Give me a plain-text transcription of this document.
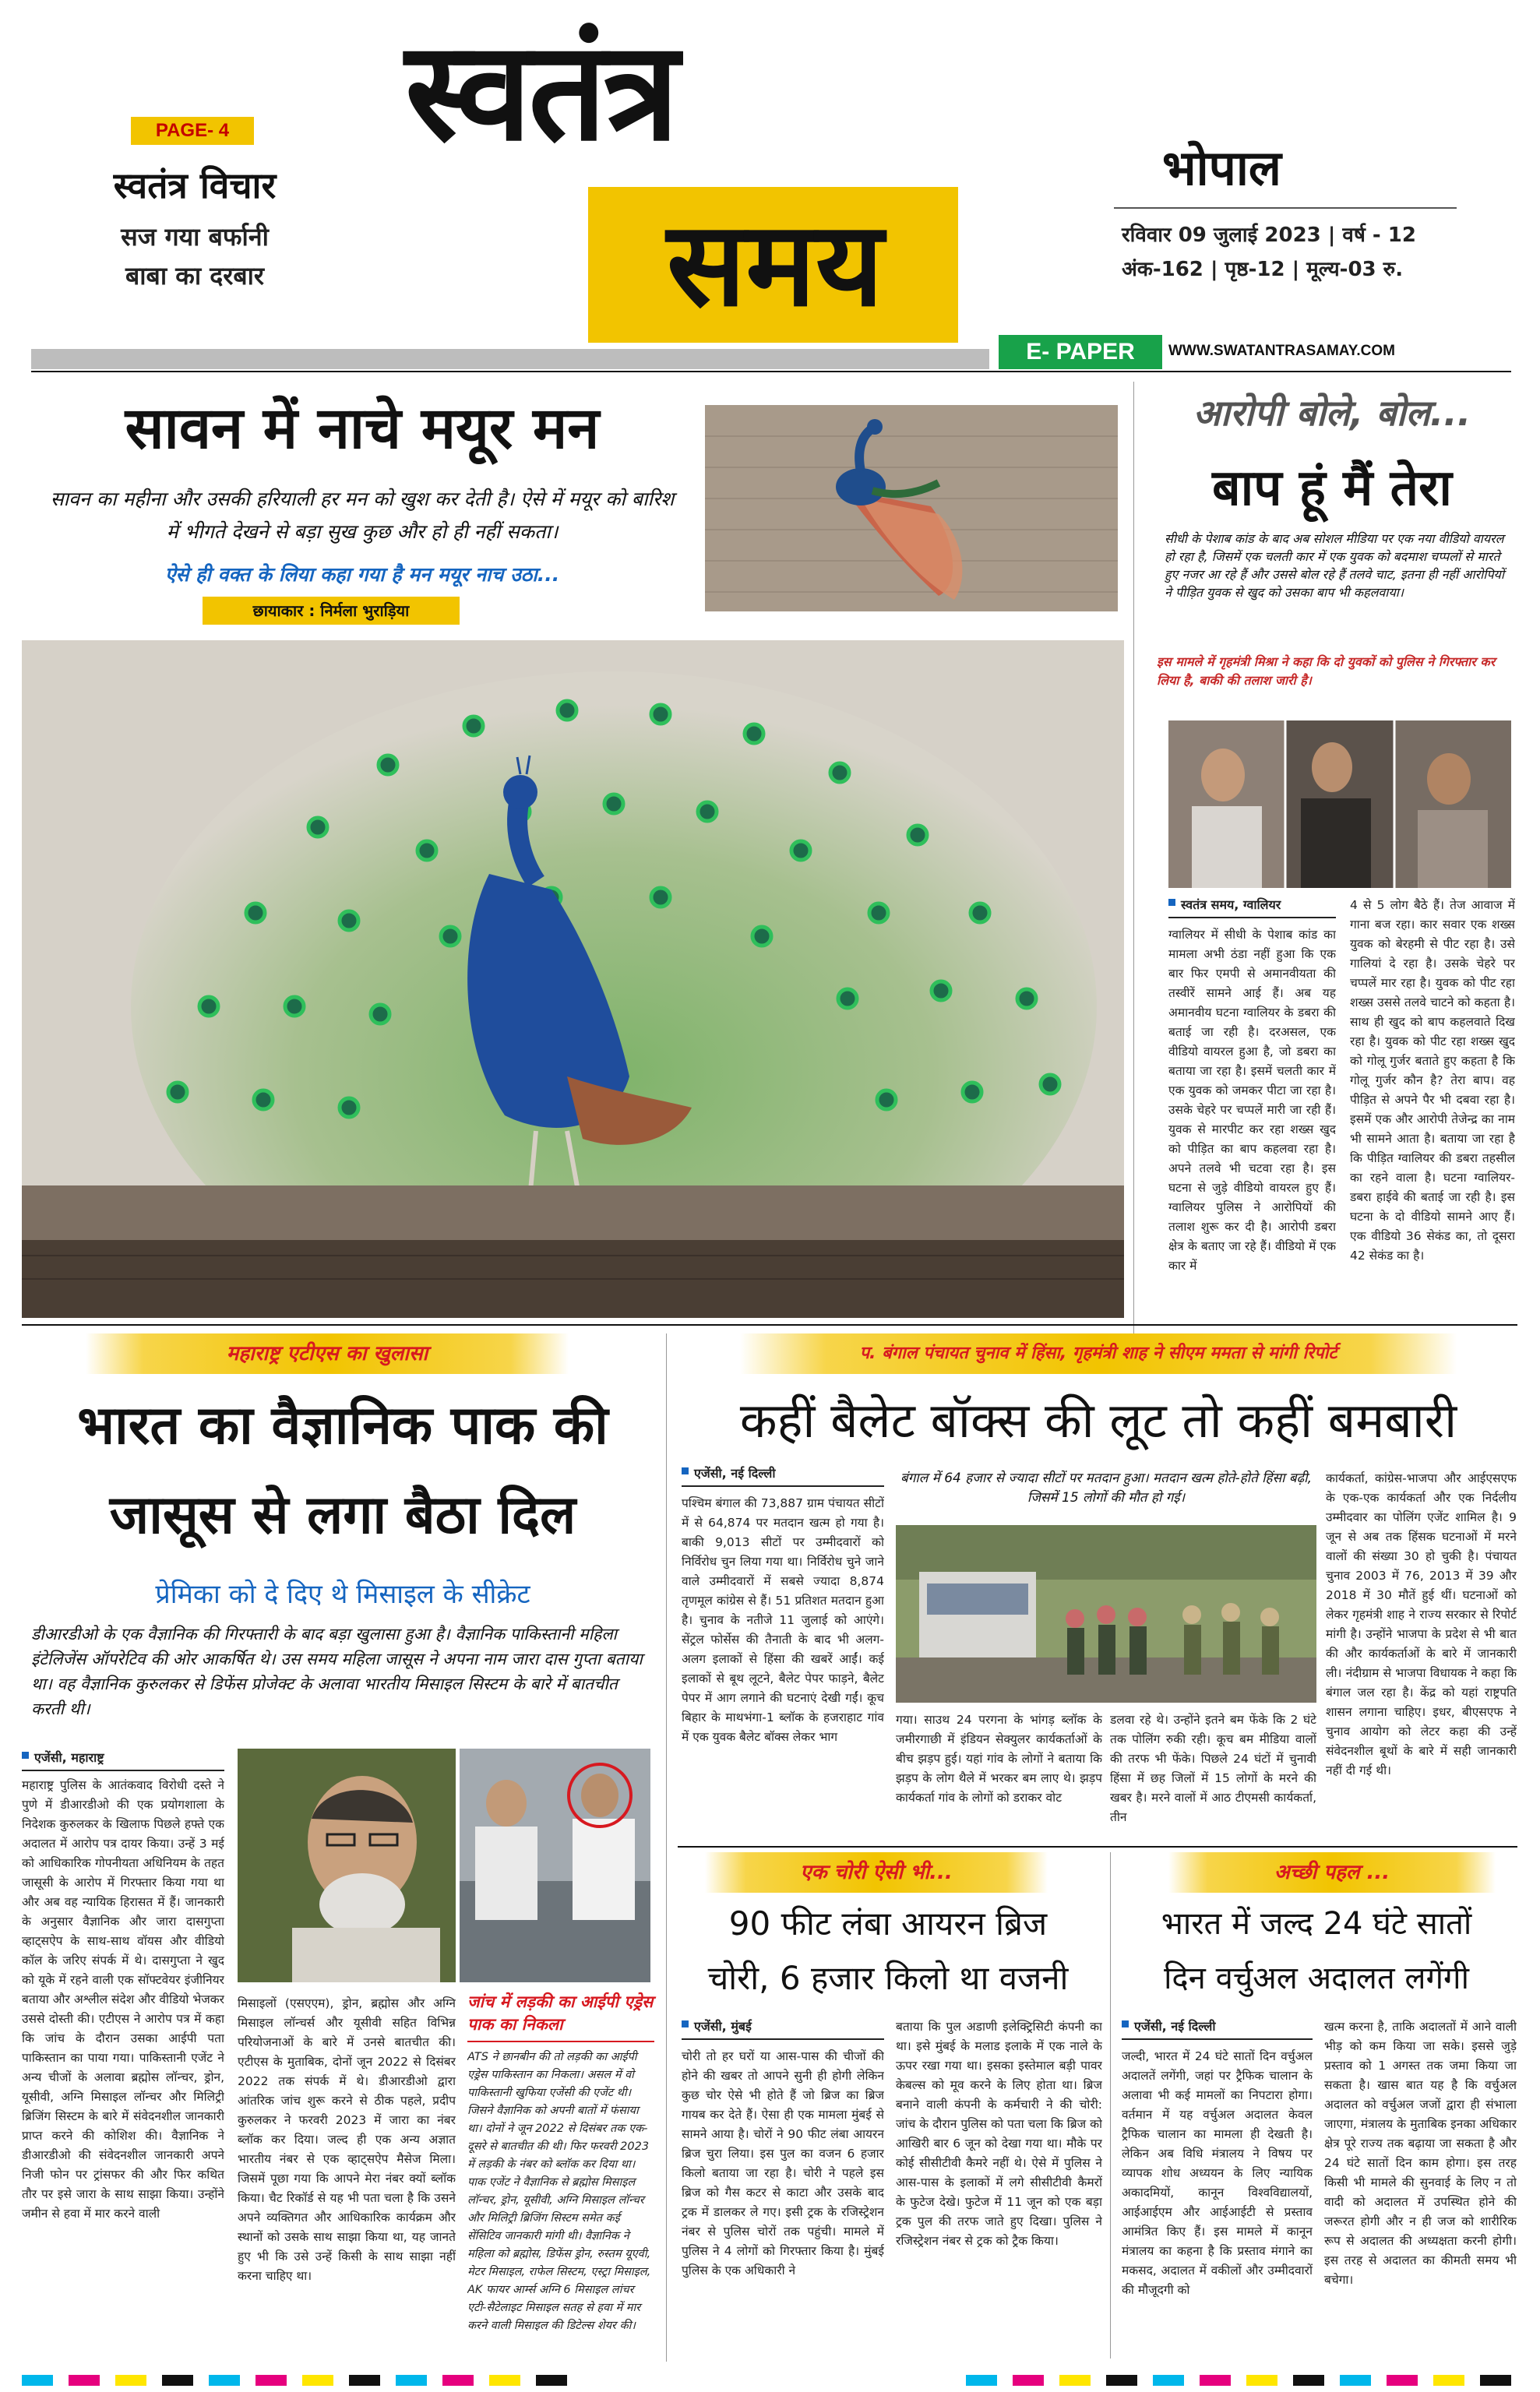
PAGE- 4
स्वतंत्र विचार
सज गया बर्फानी
बाबा का दरबार
स्वतंत्र
समय
भोपाल
रविवार 09 जुलाई 2023 | वर्ष - 12
अंक-162 | पृष्ठ-12 | मूल्य-03 रु.
E- PAPER	WWW.SWATANTRASAMAY.COM
सावन में नाचे मयूर मन
सावन का महीना और उसकी हरियाली हर मन को खुश कर देती है। ऐसे में मयूर को बारिश में भीगते देखने से बड़ा सुख कुछ और हो ही नहीं सकता।
ऐसे ही वक्त के लिया कहा गया है मन मयूर नाच उठा...
छायाकार : निर्मला भुराड़िया
आरोपी बोले, बोल...
बाप हूं मैं तेरा
सीधी के पेशाब कांड के बाद अब सोशल मीडिया पर एक नया वीडियो वायरल हो रहा है, जिसमें एक चलती कार में एक युवक को बदमाश चप्पलों से मारते हुए नजर आ रहे हैं और उससे बोल रहे हैं तलवे चाट, इतना ही नहीं आरोपियों ने पीड़ित युवक से खुद को उसका बाप भी कहलवाया।
इस मामले में गृहमंत्री मिश्रा ने कहा कि दो युवकों को पुलिस ने गिरफ्तार कर लिया है, बाकी की तलाश जारी है।
स्वतंत्र समय, ग्वालियर
ग्वालियर में सीधी के पेशाब कांड का मामला अभी ठंडा नहीं हुआ कि एक बार फिर एमपी से अमानवीयता की तस्वीरें सामने आई हैं। अब यह अमानवीय घटना ग्वालियर के डबरा की बताई जा रही है। दरअसल, एक वीडियो वायरल हुआ है, जो डबरा का बताया जा रहा है। इसमें चलती कार में एक युवक को जमकर पीटा जा रहा है। उसके चेहरे पर चप्पलें मारी जा रही हैं। युवक से मारपीट कर रहा शख्स खुद को पीड़ित का बाप कहलवा रहा है। अपने तलवे भी चटवा रहा है। इस घटना से जुड़े वीडियो वायरल हुए हैं। ग्वालियर पुलिस ने आरोपियों की तलाश शुरू कर दी है। आरोपी डबरा क्षेत्र के बताए जा रहे हैं। वीडियो में एक कार में
4 से 5 लोग बैठे हैं। तेज आवाज में गाना बज रहा। कार सवार एक शख्स युवक को बेरहमी से पीट रहा है। उसे गालियां दे रहा है। उसके चेहरे पर चप्पलें मार रहा है। युवक को पीट रहा शख्स उससे तलवे चाटने को कहता है। साथ ही खुद को बाप कहलवाते दिख रहा है। युवक को पीट रहा शख्स खुद को गोलू गुर्जर बताते हुए कहता है कि गोलू गुर्जर कौन है? तेरा बाप। वह पीड़ित से अपने पैर भी दबवा रहा है। इसमें एक और आरोपी तेजेन्द्र का नाम भी सामने आता है। बताया जा रहा है कि पीड़ित ग्वालियर की डबरा तहसील का रहने वाला है। घटना ग्वालियर-डबरा हाईवे की बताई जा रही है। इस घटना के दो वीडियो सामने आए हैं। एक वीडियो 36 सेकंड का, तो दूसरा 42 सेकंड का है।
महाराष्ट्र एटीएस का खुलासा
भारत का वैज्ञानिक पाक की
जासूस से लगा बैठा दिल
प्रेमिका को दे दिए थे मिसाइल के सीक्रेट
डीआरडीओ के एक वैज्ञानिक की गिरफ्तारी के बाद बड़ा खुलासा हुआ है। वैज्ञानिक पाकिस्तानी महिला इंटेलिजेंस ऑपरेटिव की ओर आकर्षित थे। उस समय महिला जासूस ने अपना नाम जारा दास गुप्ता बताया था। वह वैज्ञानिक कुरुलकर से डिफेंस प्रोजेक्ट के अलावा भारतीय मिसाइल सिस्टम के बारे में बातचीत करती थी।
एजेंसी, महाराष्ट्र
महाराष्ट्र पुलिस के आतंकवाद विरोधी दस्ते ने पुणे में डीआरडीओ की एक प्रयोगशाला के निदेशक कुरुलकर के खिलाफ पिछले हफ्ते एक अदालत में आरोप पत्र दायर किया। उन्हें 3 मई को आधिकारिक गोपनीयता अधिनियम के तहत जासूसी के आरोप में गिरफ्तार किया गया था और अब वह न्यायिक हिरासत में हैं। जानकारी के अनुसार वैज्ञानिक और जारा दासगुप्ता व्हाट्सऐप के साथ-साथ वॉयस और वीडियो कॉल के जरिए संपर्क में थे। दासगुप्ता ने खुद को यूके में रहने वाली एक सॉफ्टवेयर इंजीनियर बताया और अश्लील संदेश और वीडियो भेजकर उससे दोस्ती की। एटीएस ने आरोप पत्र में कहा कि जांच के दौरान उसका आईपी पता पाकिस्तान का पाया गया। पाकिस्तानी एजेंट ने अन्य चीजों के अलावा ब्रह्मोस लॉन्चर, ड्रोन, यूसीवी, अग्नि मिसाइल लॉन्चर और मिलिट्री ब्रिजिंग सिस्टम के बारे में संवेदनशील जानकारी प्राप्त करने की कोशिश की। वैज्ञानिक ने डीआरडीओ की संवेदनशील जानकारी अपने निजी फोन पर ट्रांसफर की और फिर कथित तौर पर इसे जारा के साथ साझा किया। उन्होंने जमीन से हवा में मार करने वाली
मिसाइलों (एसएएम), ड्रोन, ब्रह्मोस और अग्नि मिसाइल लॉन्चर्स और यूसीवी सहित विभिन्न परियोजनाओं के बारे में उनसे बातचीत की। एटीएस के मुताबिक, दोनों जून 2022 से दिसंबर 2022 तक संपर्क में थे। डीआरडीओ द्वारा आंतरिक जांच शुरू करने से ठीक पहले, प्रदीप कुरुलकर ने फरवरी 2023 में जारा का नंबर ब्लॉक कर दिया। जल्द ही एक अन्य अज्ञात भारतीय नंबर से एक व्हाट्सऐप मैसेज मिला। जिसमें पूछा गया कि आपने मेरा नंबर क्यों ब्लॉक किया। चैट रिकॉर्ड से यह भी पता चला है कि उसने अपने व्यक्तिगत और आधिकारिक कार्यक्रम और स्थानों को उसके साथ साझा किया था, यह जानते हुए भी कि उसे उन्हें किसी के साथ साझा नहीं करना चाहिए था।
जांच में लड़की का आईपी एड्रेस पाक का निकला
ATS ने छानबीन की तो लड़की का आईपी एड्रेस पाकिस्तान का निकला। असल में वो पाकिस्तानी खुफिया एजेंसी की एजेंट थी। जिसने वैज्ञानिक को अपनी बातों में फंसाया था। दोनों ने जून 2022 से दिसंबर तक एक-दूसरे से बातचीत की थी। फिर फरवरी 2023 में लड़की के नंबर को ब्लॉक कर दिया था। पाक एजेंट ने वैज्ञानिक से ब्रह्मोस मिसाइल लॉन्चर, ड्रोन, यूसीवी, अग्नि मिसाइल लॉन्चर और मिलिट्री ब्रिजिंग सिस्टम समेत कई सेंसिटिव जानकारी मांगी थी। वैज्ञानिक ने महिला को ब्रह्मोस, डिफेंस ड्रोन, रुस्तम यूएवी, मेटर मिसाइल, राफेल सिस्टम, एस्ट्रा मिसाइल, AK फायर आर्म्स अग्नि 6 मिसाइल लांचर एटी-सैटेलाइट मिसाइल सतह से हवा में मार करने वाली मिसाइल की डिटेल्स शेयर की।
प. बंगाल पंचायत चुनाव में हिंसा, गृहमंत्री शाह ने सीएम ममता से मांगी रिपोर्ट
कहीं बैलेट बॉक्स की लूट तो कहीं बमबारी
एजेंसी, नई दिल्ली
पश्चिम बंगाल की 73,887 ग्राम पंचायत सीटों में से 64,874 पर मतदान खत्म हो गया है। बाकी 9,013 सीटों पर उम्मीदवारों को निर्विरोध चुन लिया गया था। निर्विरोध चुने जाने वाले उम्मीदवारों में सबसे ज्यादा 8,874 तृणमूल कांग्रेस से हैं। 51 प्रतिशत मतदान हुआ है। चुनाव के नतीजे 11 जुलाई को आएंगे। सेंट्रल फोर्सेस की तैनाती के बाद भी अलग-अलग इलाकों से हिंसा की खबरें आईं। कई इलाकों से बूथ लूटने, बैलेट पेपर फाड़ने, बैलेट पेपर में आग लगाने की घटनाएं देखी गईं। कूच बिहार के माथभंगा-1 ब्लॉक के हजराहाट गांव में एक युवक बैलेट बॉक्स लेकर भाग
बंगाल में 64 हजार से ज्यादा सीटों पर मतदान हुआ। मतदान खत्म होते-होते हिंसा बढ़ी, जिसमें 15 लोगों की मौत हो गई।
गया। साउथ 24 परगना के भांगड़ ब्लॉक के जमीरगाछी में इंडियन सेक्युलर कार्यकर्ताओं के बीच झड़प हुई। यहां गांव के लोगों ने बताया कि झड़प के लोग थैले में भरकर बम लाए थे। झड़प कार्यकर्ता गांव के लोगों को डराकर वोट
डलवा रहे थे। उन्होंने इतने बम फेंके कि 2 घंटे तक पोलिंग रुकी रही। कूच बम मीडिया वालों की तरफ भी फेंके। पिछले 24 घंटों में चुनावी हिंसा में छह जिलों में 15 लोगों के मरने की खबर है। मरने वालों में आठ टीएमसी कार्यकर्ता, तीन
कार्यकर्ता, कांग्रेस-भाजपा और आईएसएफ के एक-एक कार्यकर्ता और एक निर्दलीय उम्मीदवार का पोलिंग एजेंट शामिल है। 9 जून से अब तक हिंसक घटनाओं में मरने वालों की संख्या 30 हो चुकी है। पंचायत चुनाव 2003 में 76, 2013 में 39 और 2018 में 30 मौतें हुई थीं। घटनाओं को लेकर गृहमंत्री शाह ने राज्य सरकार से रिपोर्ट मांगी है। उन्होंने भाजपा के प्रदेश से भी बात की और कार्यकर्ताओं के बारे में जानकारी ली। नंदीग्राम से भाजपा विधायक ने कहा कि बंगाल जल रहा है। केंद्र को यहां राष्ट्रपति शासन लगाना चाहिए। इधर, बीएसएफ ने चुनाव आयोग को लेटर कहा की उन्हें संवेदनशील बूथों के बारे में सही जानकारी नहीं दी गई थी।
एक चोरी ऐसी भी...
90 फीट लंबा आयरन ब्रिज
चोरी, 6 हजार किलो था वजनी
एजेंसी, मुंबई
चोरी तो हर घरों या आस-पास की चीजों की होने की खबर तो आपने सुनी ही होगी लेकिन कुछ चोर ऐसे भी होते हैं जो ब्रिज का ब्रिज गायब कर देते हैं। ऐसा ही एक मामला मुंबई से सामने आया है। चोरों ने 90 फीट लंबा आयरन ब्रिज चुरा लिया। इस पुल का वजन 6 हजार किलो बताया जा रहा है। चोरी ने पहले इस ब्रिज को गैस कटर से काटा और उसके बाद ट्रक में डालकर ले गए। इसी ट्रक के रजिस्ट्रेशन नंबर से पुलिस चोरों तक पहुंची। मामले में पुलिस ने 4 लोगों को गिरफ्तार किया है। मुंबई पुलिस के एक अधिकारी ने
बताया कि पुल अडाणी इलेक्ट्रिसिटी कंपनी का था। इसे मुंबई के मलाड इलाके में एक नाले के ऊपर रखा गया था। इसका इस्तेमाल बड़ी पावर केबल्स को मूव करने के लिए होता था। ब्रिज बनाने वाली कंपनी के कर्मचारी ने की चोरी: जांच के दौरान पुलिस को पता चला कि ब्रिज को आखिरी बार 6 जून को देखा गया था। मौके पर कोई सीसीटीवी कैमरे नहीं थे। ऐसे में पुलिस ने आस-पास के इलाकों में लगे सीसीटीवी कैमरों के फुटेज देखे। फुटेज में 11 जून को एक बड़ा ट्रक पुल की तरफ जाते हुए दिखा। पुलिस ने रजिस्ट्रेशन नंबर से ट्रक को ट्रैक किया।
अच्छी पहल ...
भारत में जल्द 24 घंटे सातों
दिन वर्चुअल अदालत लगेंगी
एजेंसी, नई दिल्ली
जल्दी, भारत में 24 घंटे सातों दिन वर्चुअल अदालतें लगेंगी, जहां पर ट्रैफिक चालान के अलावा भी कई मामलों का निपटारा होगा। वर्तमान में यह वर्चुअल अदालत केवल ट्रैफिक चालान का मामला ही देखती है। लेकिन अब विधि मंत्रालय ने विषय पर व्यापक शोध अध्ययन के लिए न्यायिक अकादमियों, कानून विश्वविद्यालयों, आईआईएम और आईआईटी से प्रस्ताव आमंत्रित किए हैं। इस मामले में कानून मंत्रालय का कहना है कि प्रस्ताव मंगाने का मकसद, अदालत में वकीलों और उम्मीदवारों की मौजूदगी को
खत्म करना है, ताकि अदालतों में आने वाली भीड़ को कम किया जा सके। इससे जुड़े प्रस्ताव को 1 अगस्त तक जमा किया जा सकता है। खास बात यह है कि वर्चुअल अदालत को वर्चुअल जजों द्वारा ही संभाला जाएगा, मंत्रालय के मुताबिक इनका अधिकार क्षेत्र पूरे राज्य तक बढ़ाया जा सकता है और 24 घंटे सातों दिन काम होगा। इस तरह किसी भी मामले की सुनवाई के लिए न तो वादी को अदालत में उपस्थित होने की जरूरत होगी और न ही जज को शारीरिक रूप से अदालत की अध्यक्षता करनी होगी। इस तरह से अदालत का कीमती समय भी बचेगा।
